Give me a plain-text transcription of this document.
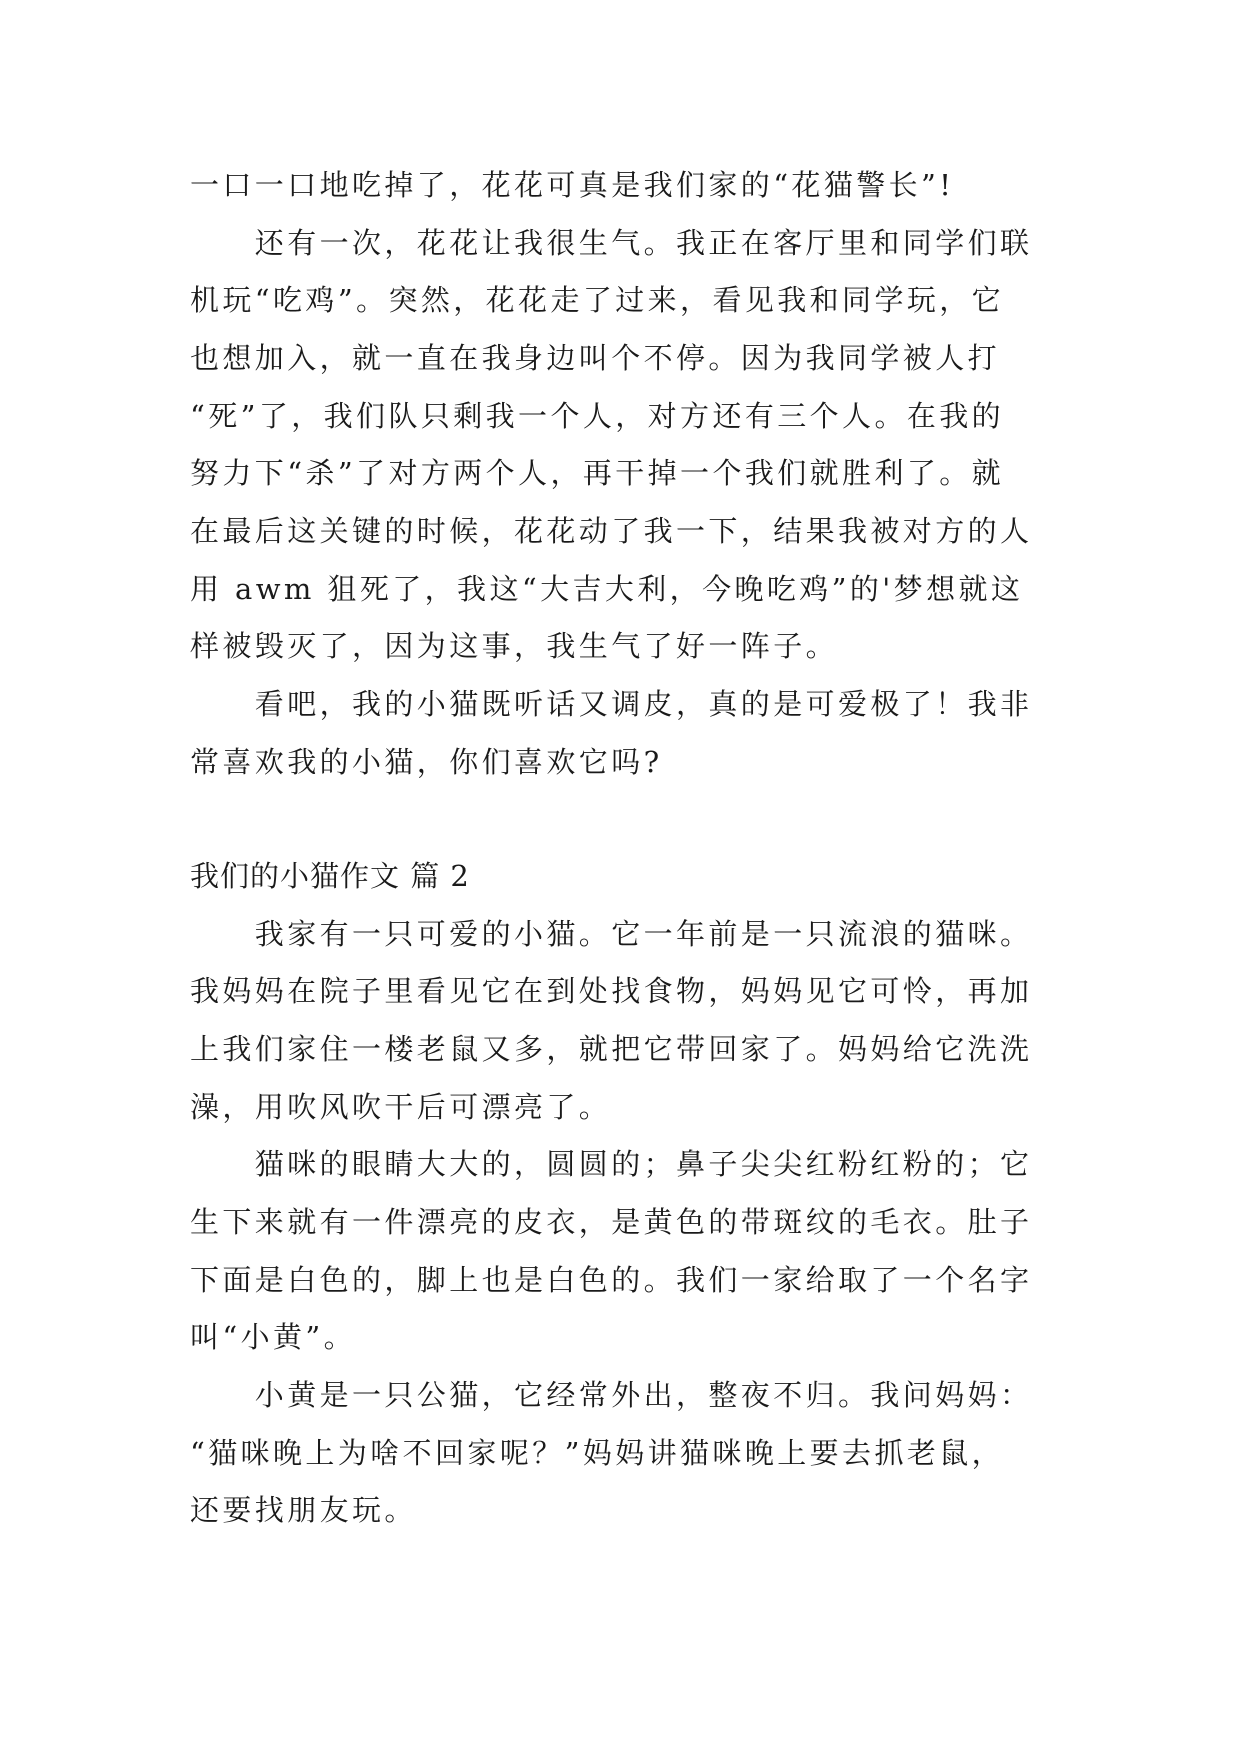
一口一口地吃掉了，花花可真是我们家的“花猫警长”!
　　还有一次，花花让我很生气。我正在客厅里和同学们联
机玩“吃鸡”。突然，花花走了过来，看见我和同学玩，它
也想加入，就一直在我身边叫个不停。因为我同学被人打
“死”了，我们队只剩我一个人，对方还有三个人。在我的
努力下“杀”了对方两个人，再干掉一个我们就胜利了。就
在最后这关键的时候，花花动了我一下，结果我被对方的人
用 awm 狙死了，我这“大吉大利，今晚吃鸡”的'梦想就这
样被毁灭了，因为这事，我生气了好一阵子。
　　看吧，我的小猫既听话又调皮，真的是可爱极了！我非
常喜欢我的小猫，你们喜欢它吗?
我们的小猫作文 篇 2
　　我家有一只可爱的小猫。它一年前是一只流浪的猫咪。
我妈妈在院子里看见它在到处找食物，妈妈见它可怜，再加
上我们家住一楼老鼠又多，就把它带回家了。妈妈给它洗洗
澡，用吹风吹干后可漂亮了。
　　猫咪的眼睛大大的，圆圆的；鼻子尖尖红粉红粉的；它
生下来就有一件漂亮的皮衣，是黄色的带斑纹的毛衣。肚子
下面是白色的，脚上也是白色的。我们一家给取了一个名字
叫“小黄”。
　　小黄是一只公猫，它经常外出，整夜不归。我问妈妈：
“猫咪晚上为啥不回家呢？”妈妈讲猫咪晚上要去抓老鼠，
还要找朋友玩。
